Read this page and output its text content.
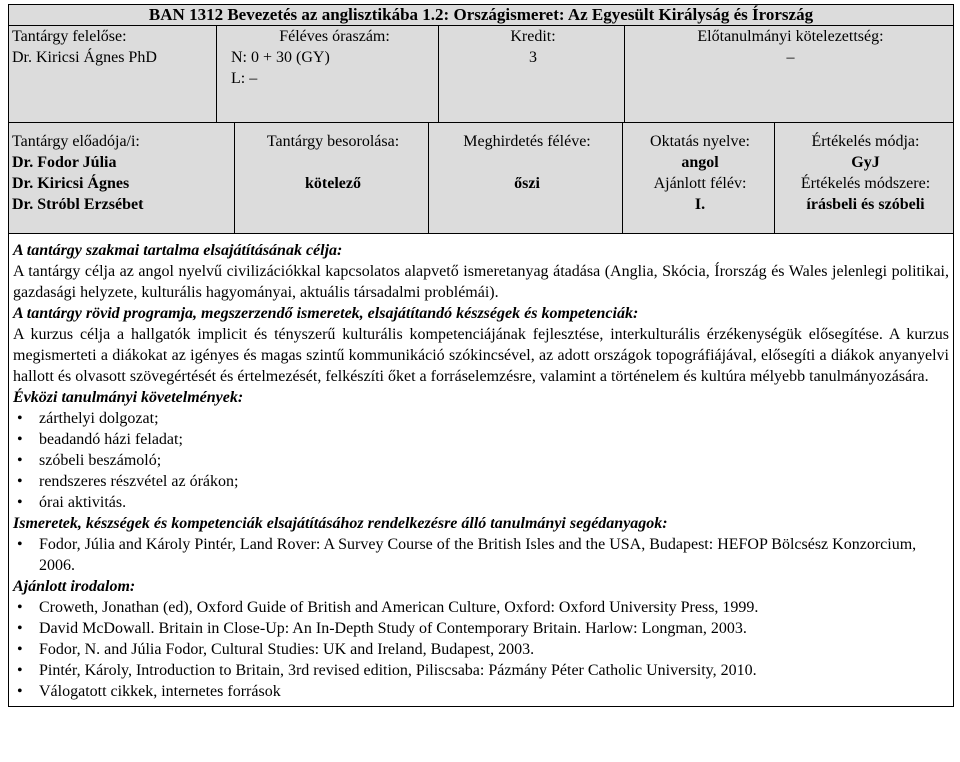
BAN 1312 Bevezetés az anglisztikába 1.2: Országismeret: Az Egyesült Királyság és Írország
Tantárgy felelőse:
Dr. Kiricsi Ágnes PhD
Féléves óraszám:
N: 0 + 30 (GY)
L: –
Kredit:
3
Előtanulmányi kötelezettség:
–
Tantárgy előadója/i:
Dr. Fodor Júlia
Dr. Kiricsi Ágnes
Dr. Stróbl Erzsébet
Tantárgy besorolása:
kötelező
Meghirdetés féléve:
őszi
Oktatás nyelve:
angol
Ajánlott félév:
I.
Értékelés módja:
GyJ
Értékelés módszere:
írásbeli és szóbeli
A tantárgy szakmai tartalma elsajátításának célja:
A tantárgy célja az angol nyelvű civilizációkkal kapcsolatos alapvető ismeretanyag átadása (Anglia, Skócia, Írország és Wales jelenlegi politikai, gazdasági helyzete, kulturális hagyományai, aktuális társadalmi problémái).
A tantárgy rövid programja, megszerzendő ismeretek, elsajátítandó készségek és kompetenciák:
A kurzus célja a hallgatók implicit és tényszerű kulturális kompetenciájának fejlesztése, interkulturális érzékenységük elősegítése. A kurzus megismerteti a diákokat az igényes és magas szintű kommunikáció szókincsével, az adott országok topográfiájával, elősegíti a diákok anyanyelvi hallott és olvasott szövegértését és értelmezését, felkészíti őket a forráselemzésre, valamint a történelem és kultúra mélyebb tanulmányozására.
Évközi tanulmányi követelmények:
• zárthelyi dolgozat;
• beadandó házi feladat;
• szóbeli beszámoló;
• rendszeres részvétel az órákon;
• órai aktivitás.
Ismeretek, készségek és kompetenciák elsajátításához rendelkezésre álló tanulmányi segédanyagok:
• Fodor, Júlia and Károly Pintér, Land Rover: A Survey Course of the British Isles and the USA, Budapest: HEFOP Bölcsész Konzorcium, 2006.
Ajánlott irodalom:
• Croweth, Jonathan (ed), Oxford Guide of British and American Culture, Oxford: Oxford University Press, 1999.
• David McDowall. Britain in Close-Up: An In-Depth Study of Contemporary Britain. Harlow: Longman, 2003.
• Fodor, N. and Júlia Fodor, Cultural Studies: UK and Ireland, Budapest, 2003.
• Pintér, Károly, Introduction to Britain, 3rd revised edition, Piliscsaba: Pázmány Péter Catholic University, 2010.
• Válogatott cikkek, internetes források
